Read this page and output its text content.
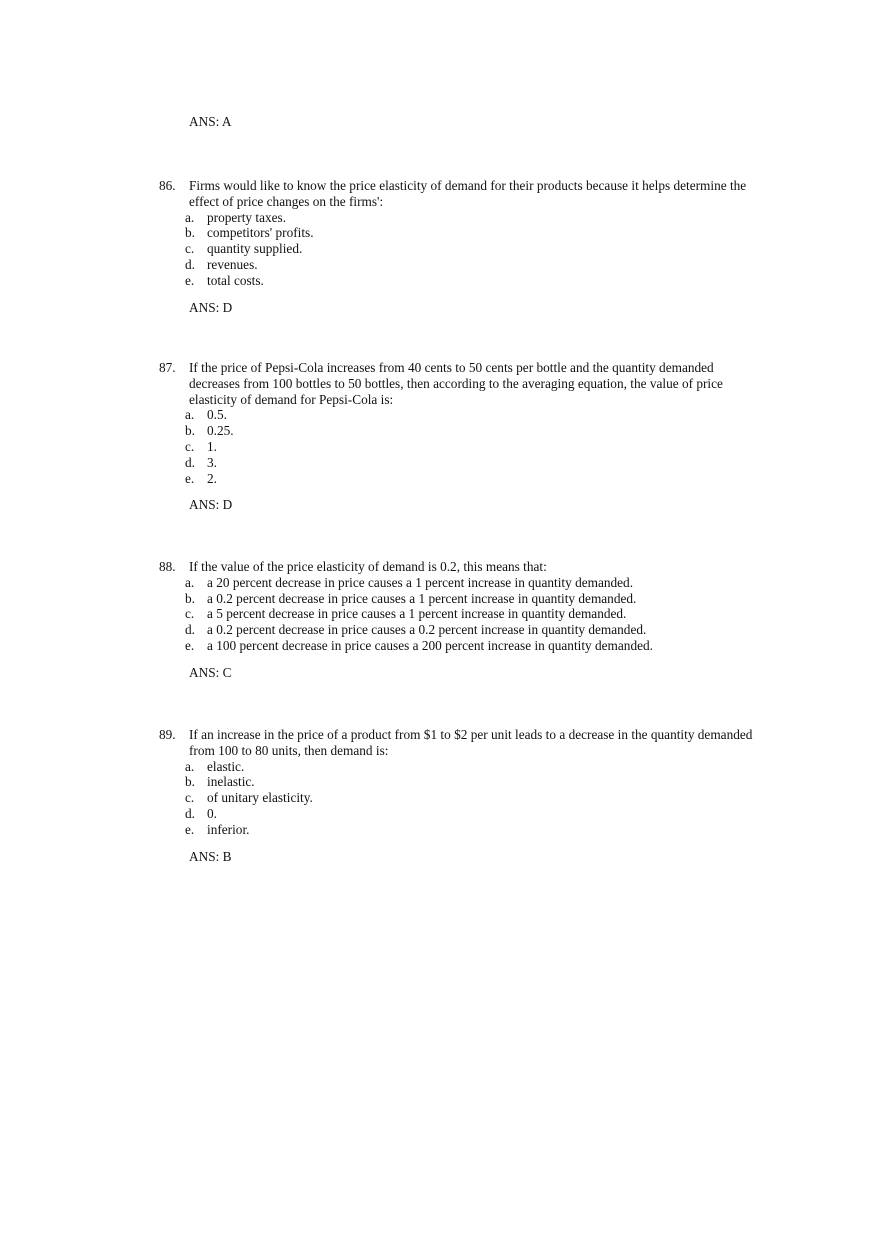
ANS: A
86. Firms would like to know the price elasticity of demand for their products because it helps determine the effect of price changes on the firms':
a. property taxes.
b. competitors' profits.
c. quantity supplied.
d. revenues.
e. total costs.
ANS: D
87. If the price of Pepsi-Cola increases from 40 cents to 50 cents per bottle and the quantity demanded decreases from 100 bottles to 50 bottles, then according to the averaging equation, the value of price elasticity of demand for Pepsi-Cola is:
a. 0.5.
b. 0.25.
c. 1.
d. 3.
e. 2.
ANS: D
88. If the value of the price elasticity of demand is 0.2, this means that:
a. a 20 percent decrease in price causes a 1 percent increase in quantity demanded.
b. a 0.2 percent decrease in price causes a 1 percent increase in quantity demanded.
c. a 5 percent decrease in price causes a 1 percent increase in quantity demanded.
d. a 0.2 percent decrease in price causes a 0.2 percent increase in quantity demanded.
e. a 100 percent decrease in price causes a 200 percent increase in quantity demanded.
ANS: C
89. If an increase in the price of a product from $1 to $2 per unit leads to a decrease in the quantity demanded from 100 to 80 units, then demand is:
a. elastic.
b. inelastic.
c. of unitary elasticity.
d. 0.
e. inferior.
ANS: B
